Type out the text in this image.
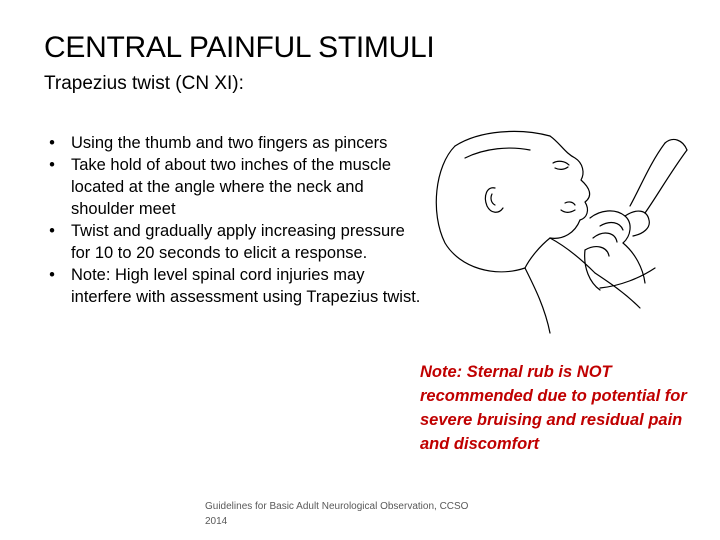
CENTRAL PAINFUL STIMULI
Trapezius twist (CN XI):
• Using the thumb and two fingers as pincers
• Take hold of about two inches of the muscle located at the angle where the neck and shoulder meet
• Twist and gradually apply increasing pressure for 10 to 20 seconds to elicit a response.
• Note: High level spinal cord injuries may interfere with assessment using Trapezius twist.
Note: Sternal rub is NOT recommended due to potential for severe bruising and residual pain and discomfort
Guidelines for Basic Adult Neurological Observation, CCSO 2014
